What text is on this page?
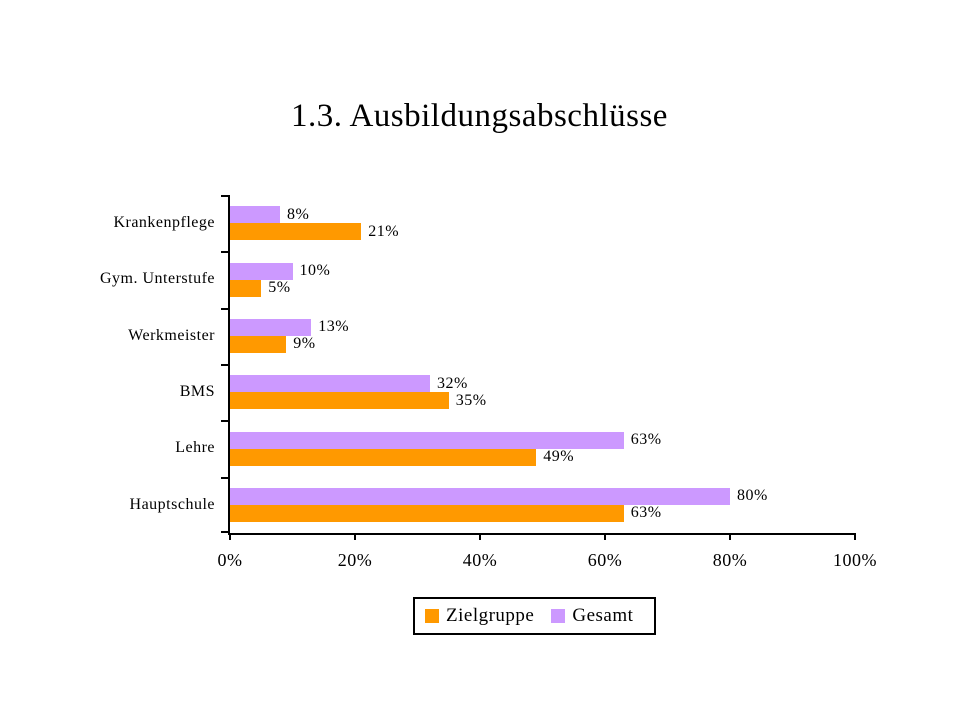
1.3. Ausbildungsabschlüsse
Krankenpflege
Gym. Unterstufe
Werkmeister
BMS
Lehre
Hauptschule
8%
21%
10%
5%
13%
9%
32%
35%
63%
49%
80%
63%
0%	20%	40%	60%	80%	100%
Zielgruppe Gesamt
